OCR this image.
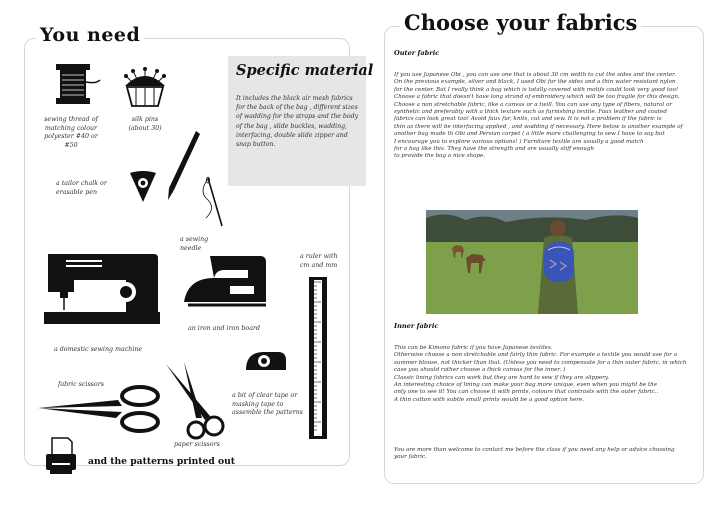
You need
sewing thread of matching colour polyester #40 or #50
silk pins (about 30)
a tailor chalk or erasable pen
a sewing needle
a domestic sewing machine
an iron and iron board
a ruler with cm and mm
a bit of clear tape or masking tape to assemble the patterns
fabric scissors
paper scissors
and the patterns printed out
Specific material
It includes the black air mesh fabrics for the back of the bag , different sizes of wadding for the straps and the body of the bag , slide buckles, wadding, interfacing, double slide zipper and snap button.
Choose your fabrics
Outer fabric
If you use Japanese Obi , you can use one that is about 30 cm width to cut the sides and the center.
On the previous example, silver and black, I used Obi for the sides and a thin water resistant nylon
for the center. But I really think a bag which is totally covered with motifs could look very good too!
Choose a fabric that doesn't have long strand of embroidery which will be too fragile for this design.
Choose a non stretchable fabric, like a canvas or a twill. You can use any type of fibers, natural or
synthetic and preferably with a thick texture such as furnishing textile. Faux leather and coated
fabrics can look great too! Avoid faux fur, knits, cut and sew. It is not a problem if the fabric is
thin as there will be interfacing applied , and wadding if necessary. Here below is another example of
another bag made th Obi and Persian carpet ( a little more challenging to sew I have to say but
I encourage you to explore various options! ) Furniture textile are usually a good match
for a bag like this. They have the strength and are usually stiff enough
to provide the bag a nice shape.
Inner fabric
This can be Kimono fabric if you have Japanese textiles.
Otherwise choose a non stretchable and fairly thin fabric. For example a textile you would use for a
summer blouse, not thicker than that. (Unless you need to compensate for a thin outer fabric, in which
case you should rather choose a thick canvas for the inner. )
Classic lining fabrics can work but they are hard to sew if they are slippery.
An interesting choice of lining can make your bag more unique, even when you might be the
only one to see it! You can choose it with prints, colours that contrasts with the outer fabric..
A thin cotton with subtle small prints would be a good option here.
You are more than welcome to contact me before the class if you need any help or advice choosing
your fabric.
